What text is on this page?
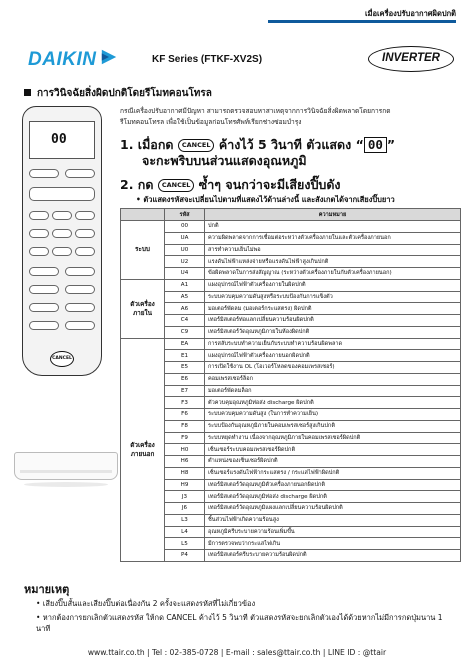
เมื่อเครื่องปรับอากาศผิดปกติ
DAIKIN	KF Series (FTKF-XV2S)	INVERTER
การวินิจฉัยสิ่งผิดปกติโดยรีโมทคอนโทรล
00
CANCEL
กรณีเครื่องปรับอากาศมีปัญหา สามารถตรวจสอบหาสาเหตุจากการวินิจฉัยสิ่งผิดพลาดโดยการกด
รีโมทคอนโทรล เพื่อใช้เป็นข้อมูลก่อนโทรศัพท์เรียกช่างซ่อมบำรุง
1. เมื่อกด CANCEL ค้างไว้ 5 วินาที ตัวแสดง “ 00 ”
จะกะพริบบนส่วนแสดงอุณหภูมิ
2. กด CANCEL ซ้ำๆ จนกว่าจะมีเสียงปิ๊บดัง
• ตัวแสดงรหัสจะเปลี่ยนไปตามที่แสดงไว้ด้านล่างนี้ และสังเกตได้จากเสียงปิ๊บยาว
	รหัส	ความหมาย
ระบบ	00	ปกติ
	UA	ความผิดพลาดจากการเชื่อมต่อระหว่างตัวเครื่องภายในและตัวเครื่องภายนอก
	U0	สารทำความเย็นไม่พอ
	U2	แรงดันไฟฟ้าแหล่งจ่ายหรือแรงดันไฟฟ้าสูงเกินปกติ
	U4	ข้อผิดพลาดในการส่งสัญญาณ (ระหว่างตัวเครื่องภายในกับตัวเครื่องภายนอก)
ตัวเครื่องภายใน	A1	แผงอุปกรณ์ไฟฟ้าตัวเครื่องภายในผิดปกติ
	A5	ระบบควบคุมความดันสูงหรือระบบป้องกันการแข็งตัว
	A6	มอเตอร์พัดลม (มอเตอร์กระแสตรง) ผิดปกติ
	C4	เทอร์มิสเตอร์ท่อแลกเปลี่ยนความร้อนผิดปกติ
	C9	เทอร์มิสเตอร์วัดอุณหภูมิภายในห้องผิดปกติ
ตัวเครื่องภายนอก	EA	การสลับระบบทำความเย็นกับระบบทำความร้อนผิดพลาด
	E1	แผงอุปกรณ์ไฟฟ้าตัวเครื่องภายนอกผิดปกติ
	E5	การเปิดใช้งาน OL (โอเวอร์โหลดของคอมเพรสเซอร์)
	E6	คอมเพรสเซอร์ล็อก
	E7	มอเตอร์พัดลมล็อก
	F3	ตัวควบคุมอุณหภูมิท่อส่ง discharge ผิดปกติ
	F6	ระบบควบคุมความดันสูง (ในการทำความเย็น)
	F8	ระบบป้องกันอุณหภูมิภายในคอมเพรสเซอร์สูงเกินปกติ
	F9	ระบบหยุดทำงาน เนื่องจากอุณหภูมิภายในคอมเพรสเซอร์ผิดปกติ
	H0	เซ็นเซอร์ระบบคอมเพรสเซอร์ผิดปกติ
	H6	ตำแหน่งของเซ็นเซอร์ผิดปกติ
	H8	เซ็นเซอร์แรงดันไฟฟ้ากระแสตรง / กระแสไฟฟ้าผิดปกติ
	H9	เทอร์มิสเตอร์วัดอุณหภูมิตัวเครื่องภายนอกผิดปกติ
	J3	เทอร์มิสเตอร์วัดอุณหภูมิท่อส่ง discharge ผิดปกติ
	J6	เทอร์มิสเตอร์วัดอุณหภูมิแผงแลกเปลี่ยนความร้อนผิดปกติ
	L3	ชิ้นส่วนไฟฟ้าเกิดความร้อนสูง
	L4	อุณหภูมิครีบระบายความร้อนเพิ่มขึ้น
	L5	มีการตรวจพบว่ากระแสไฟเกิน
	P4	เทอร์มิสเตอร์ครีบระบายความร้อนผิดปกติ
หมายเหตุ
• เสียงปิ๊บสั้นและเสียงปิ๊บต่อเนื่องกัน 2 ครั้งจะแสดงรหัสที่ไม่เกี่ยวข้อง
• หากต้องการยกเลิกตัวแสดงรหัส ให้กด CANCEL ค้างไว้ 5 วินาที ตัวแสดงรหัสจะยกเลิกตัวเองได้ด้วยหากไม่มีการกดปุ่มนาน 1 นาที
www.ttair.co.th | Tel : 02-385-0728 | E-mail : sales@ttair.co.th | LINE ID : @ttair
